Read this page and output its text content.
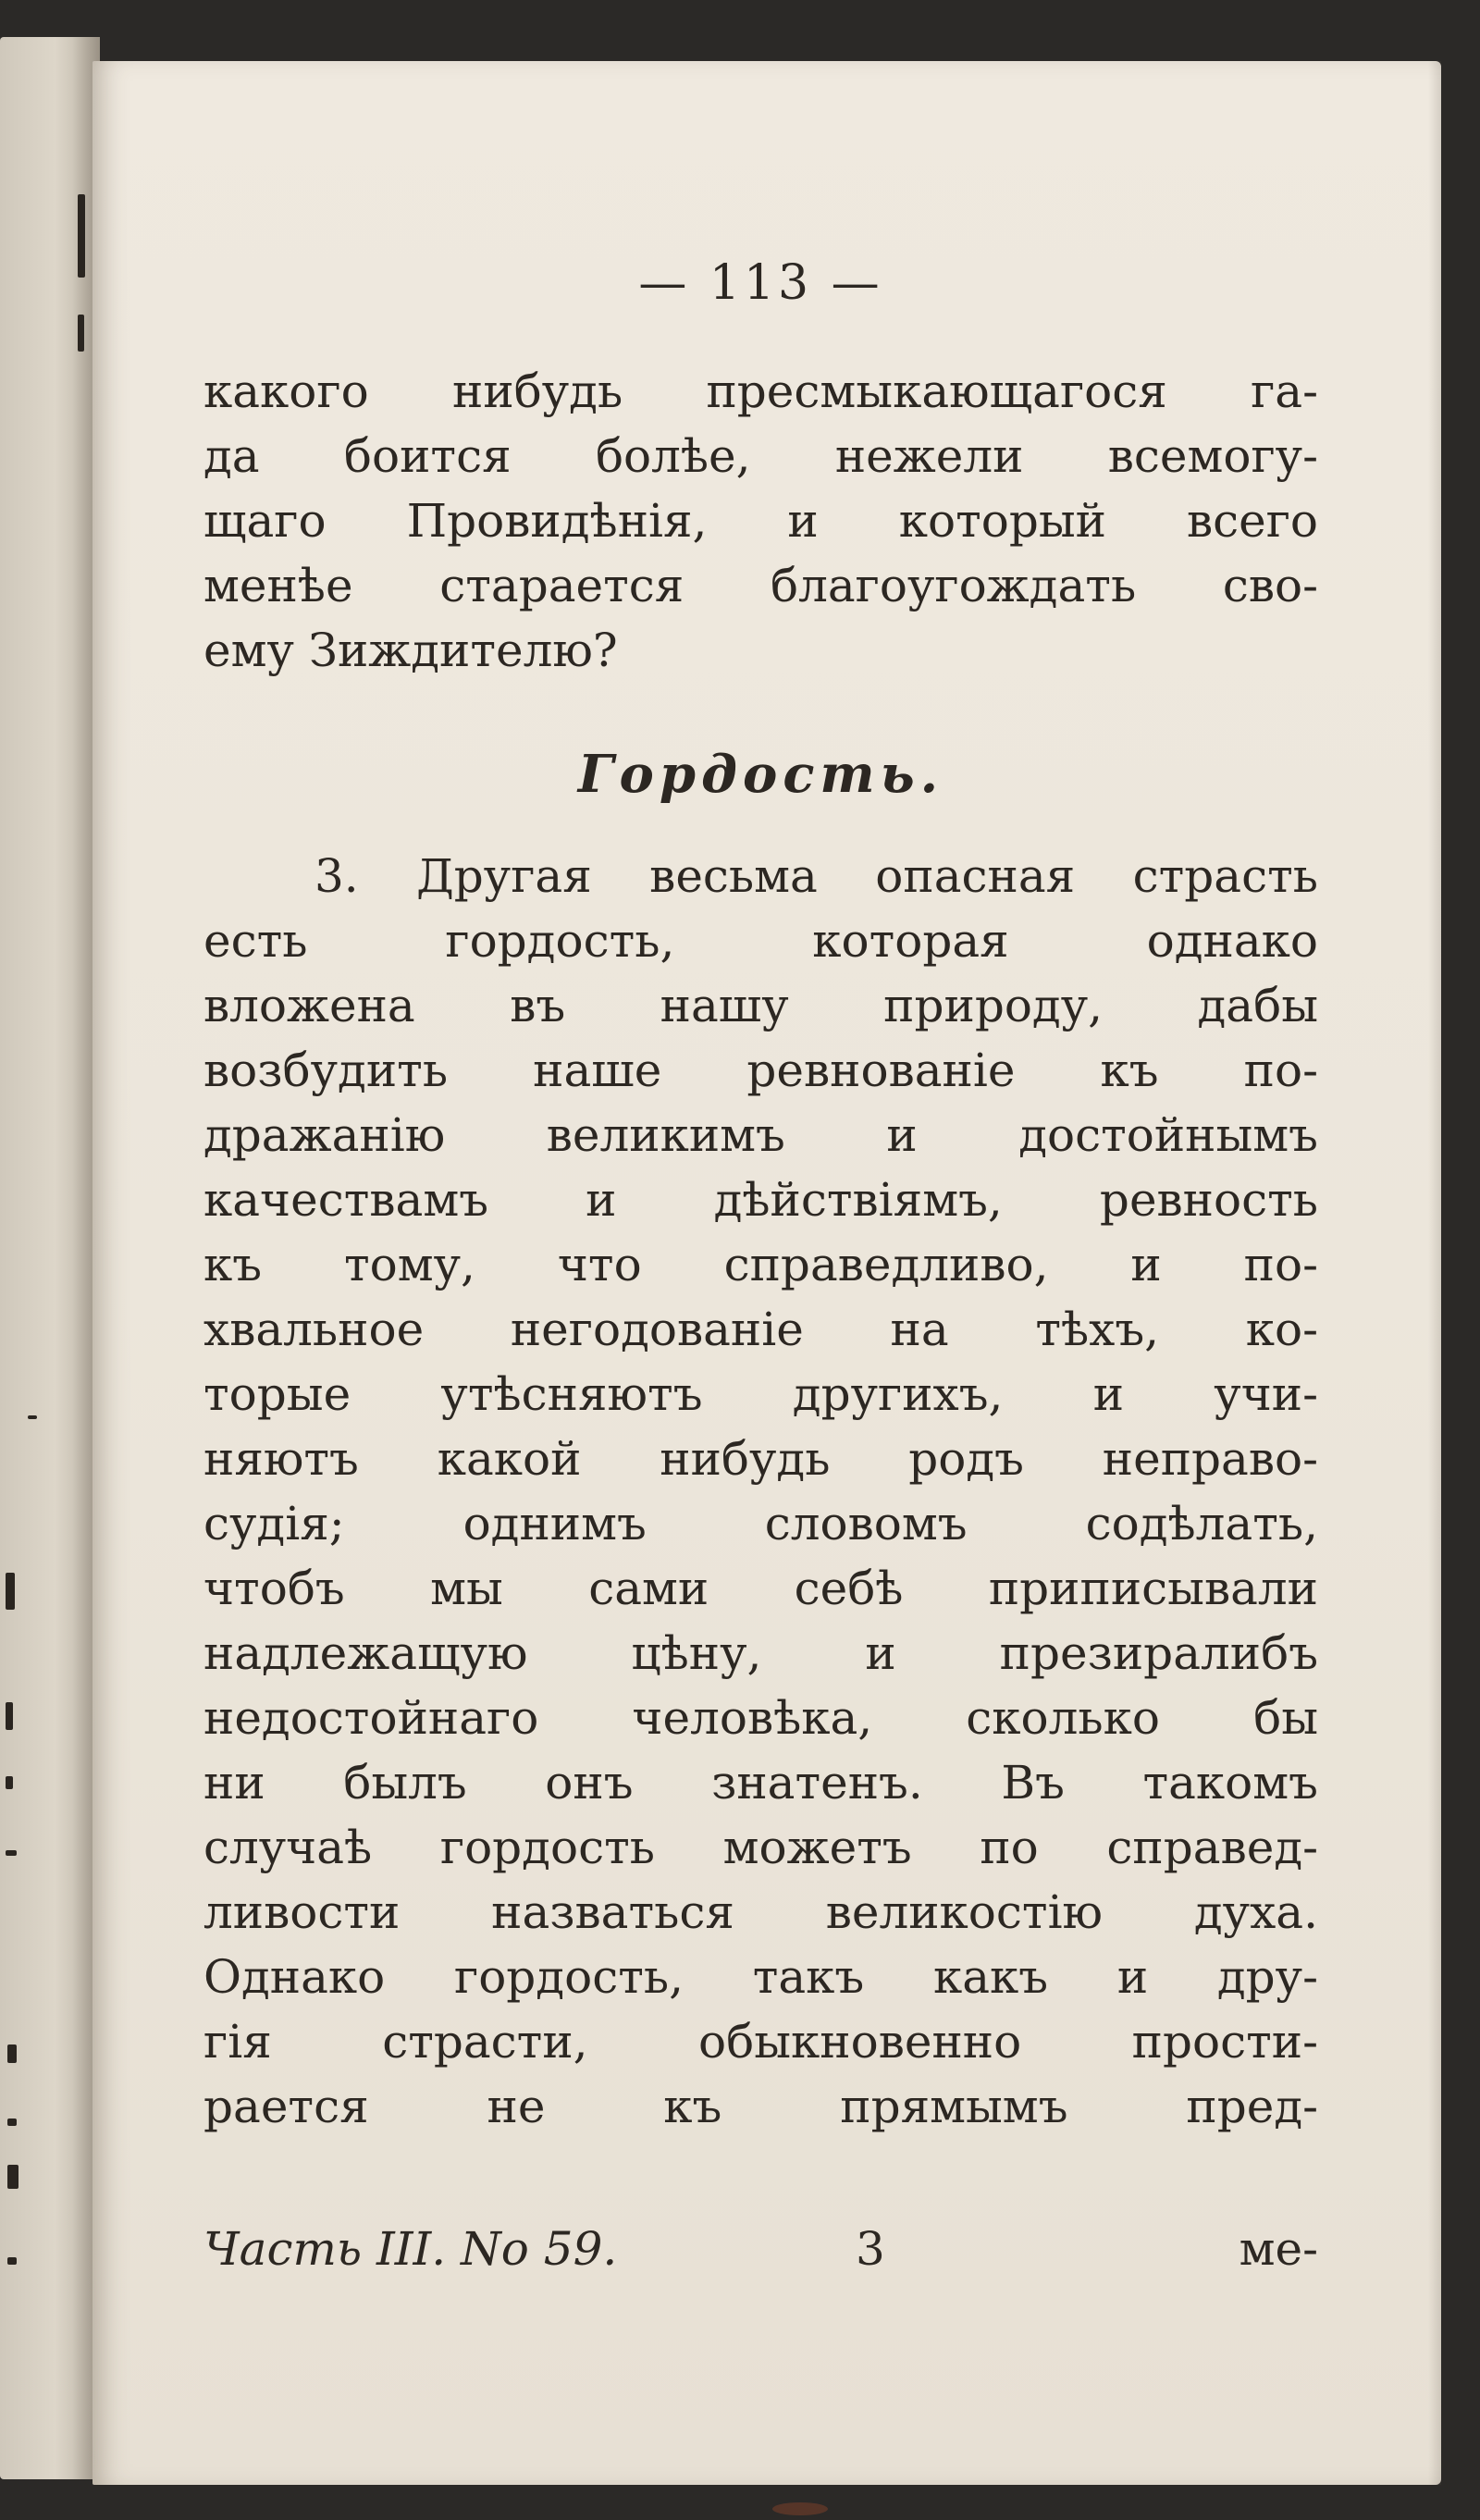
— 113 —
какого нибудь пресмыкающагося га-
да боится болѣе, нежели всемогу-
щаго Провидѣнія, и который всего
менѣе старается благоугождать сво-
ему Зиждителю?
Гордость.
3. Другая весьма опасная страсть
есть гордость, которая однако
вложена въ нашу природу, дабы
возбудить наше ревнованіе къ по-
дражанію великимъ и достойнымъ
качествамъ и дѣйствіямъ, ревность
къ тому, что справедливо, и по-
хвальное негодованіе на тѣхъ, ко-
торые утѣсняютъ другихъ, и учи-
няютъ какой нибудь родъ неправо-
судія; однимъ словомъ содѣлать,
чтобъ мы сами себѣ приписывали
надлежащую цѣну, и презиралибъ
недостойнаго человѣка, сколько бы
ни былъ онъ знатенъ. Въ такомъ
случаѣ гордость можетъ по справед-
ливости назваться великостію духа.
Однако гордость, такъ какъ и дру-
гія страсти, обыкновенно прости-
рается не къ прямымъ пред-
Часть III. No 59.	3	ме-
